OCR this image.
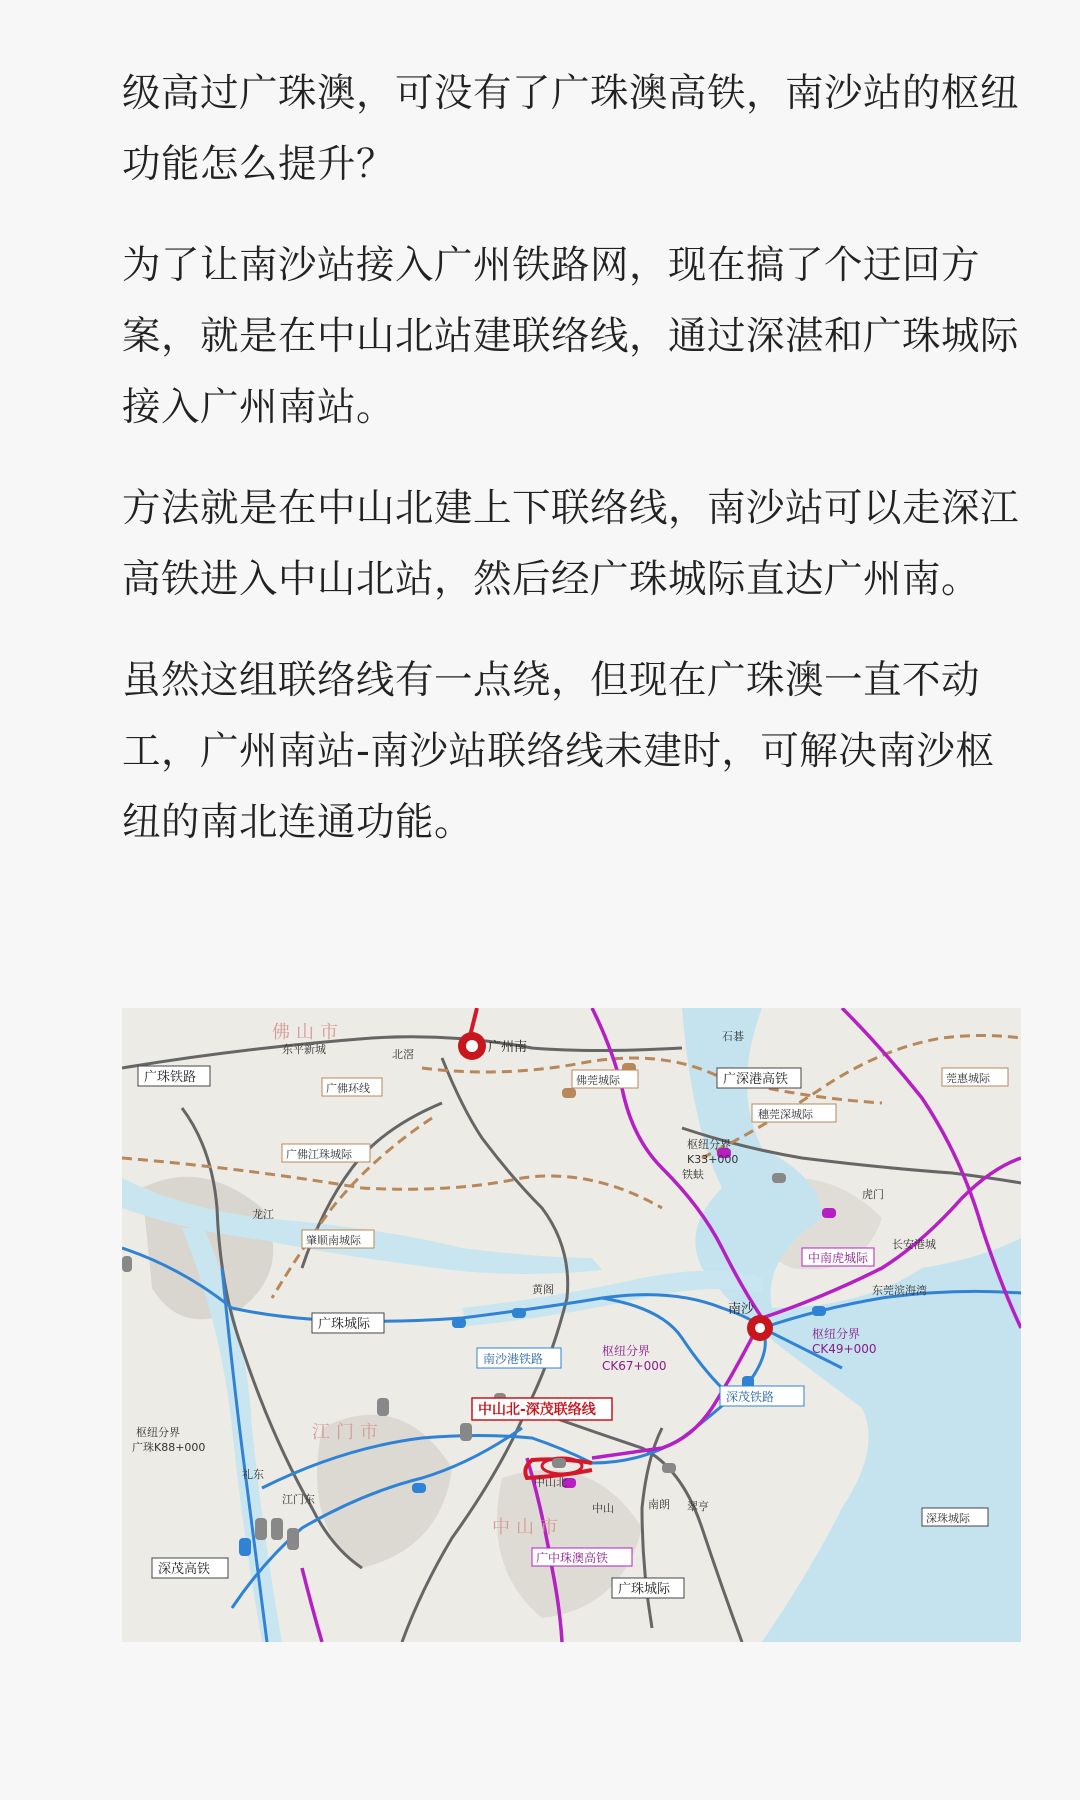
级高过广珠澳，可没有了广珠澳高铁，南沙站的枢纽功能怎么提升？

为了让南沙站接入广州铁路网，现在搞了个迂回方案，就是在中山北站建联络线，通过深湛和广珠城际接入广州南站。

方法就是在中山北建上下联络线，南沙站可以走深江高铁进入中山北站，然后经广珠城际直达广州南。

虽然这组联络线有一点绕，但现在广珠澳一直不动工，广州南站-南沙站联络线未建时，可解决南沙枢纽的南北连通功能。

佛山市
江门市
中山市
广珠铁路
广佛环线
广佛江珠城际
肇顺南城际
广珠城际
广珠城际
深茂高铁
佛莞城际	广深港高铁
穗莞深城际
中南虎城际
南沙港铁路
深茂铁路
中山北-深茂联络线
广中珠澳高铁
深珠城际
莞惠城际
广州南
南沙
中山北
中山	南朗 翠亨
虎门
江门东
礼东
东平新城
龙江
北滘
铁蚨
黄阁
石碁
东莞滨海湾
长安港城
枢纽分界
K33+000
枢纽分界
CK67+000
枢纽分界
CK49+000
枢纽分界
广珠K88+000
